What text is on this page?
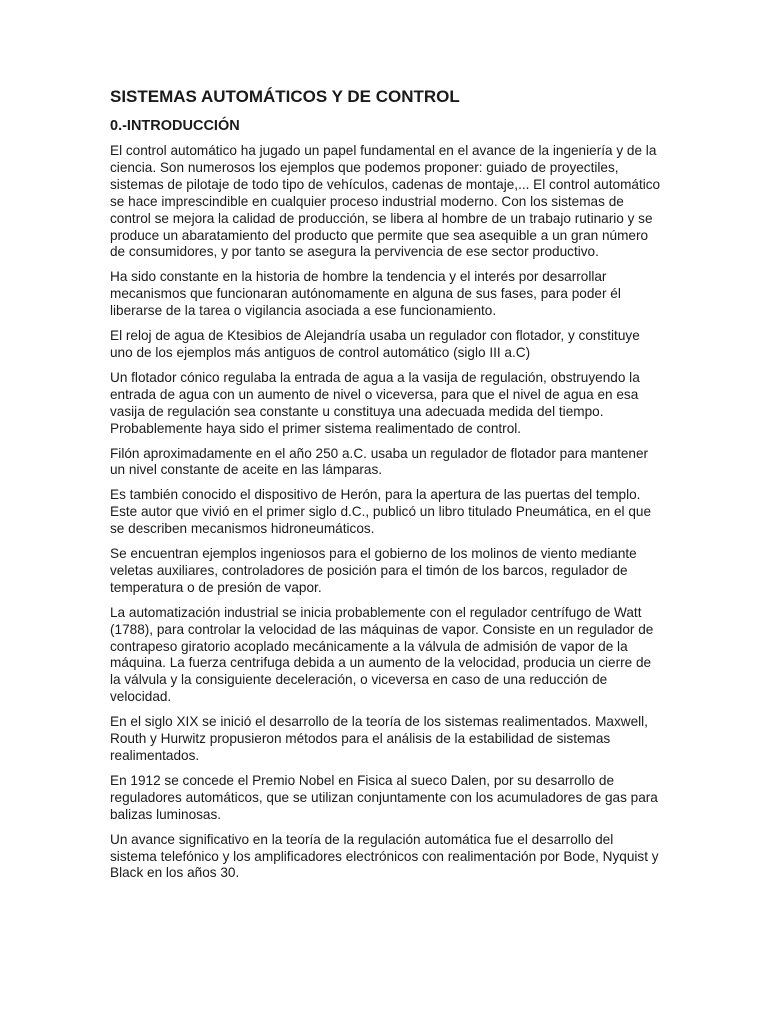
SISTEMAS AUTOMÁTICOS Y DE CONTROL
0.-INTRODUCCIÓN

El control automático ha jugado un papel fundamental en el avance de la ingeniería y de la ciencia. Son numerosos los ejemplos que podemos proponer: guiado de proyectiles, sistemas de pilotaje de todo tipo de vehículos, cadenas de montaje,... El control automático se hace imprescindible en cualquier proceso industrial moderno. Con los sistemas de control se mejora la calidad de producción, se libera al hombre de un trabajo rutinario y se produce un abaratamiento del producto que permite que sea asequible a un gran número de consumidores, y por tanto se asegura la pervivencia de ese sector productivo.

Ha sido constante en la historia de hombre la tendencia y el interés por desarrollar mecanismos que funcionaran autónomamente en alguna de sus fases, para poder él liberarse de la tarea o vigilancia asociada a ese funcionamiento.

El reloj de agua de Ktesibios de Alejandría usaba un regulador con flotador, y constituye uno de los ejemplos más antiguos de control automático (siglo III a.C)

Un flotador cónico regulaba la entrada de agua a la vasija de regulación, obstruyendo la entrada de agua con un aumento de nivel o viceversa, para que el nivel de agua en esa vasija de regulación sea constante u constituya una adecuada medida del tiempo. Probablemente haya sido el primer sistema realimentado de control.

Filón aproximadamente en el año 250 a.C. usaba un regulador de flotador para mantener un nivel constante de aceite en las lámparas.

Es también conocido el dispositivo de Herón, para la apertura de las puertas del templo. Este autor que vivió en el primer siglo d.C., publicó un libro titulado Pneumática, en el que se describen mecanismos hidroneumáticos.

Se encuentran ejemplos ingeniosos para el gobierno de los molinos de viento mediante veletas auxiliares, controladores de posición para el timón de los barcos, regulador de temperatura o de presión de vapor.

La automatización industrial se inicia probablemente con el regulador centrífugo de Watt (1788), para controlar la velocidad de las máquinas de vapor. Consiste en un regulador de contrapeso giratorio acoplado mecánicamente a la válvula de admisión de vapor de la máquina. La fuerza centrifuga debida a un aumento de la velocidad, producia un cierre de la válvula y la consiguiente deceleración, o viceversa en caso de una reducción de velocidad.

En el siglo XIX se inició el desarrollo de la teoría de los sistemas realimentados. Maxwell, Routh y Hurwitz propusieron métodos para el análisis de la estabilidad de sistemas realimentados.

En 1912 se concede el Premio Nobel en Fisica al sueco Dalen, por su desarrollo de reguladores automáticos, que se utilizan conjuntamente con los acumuladores de gas para balizas luminosas.

Un avance significativo en la teoría de la regulación automática fue el desarrollo del sistema telefónico y los amplificadores electrónicos con realimentación por Bode, Nyquist y Black en los años 30.
